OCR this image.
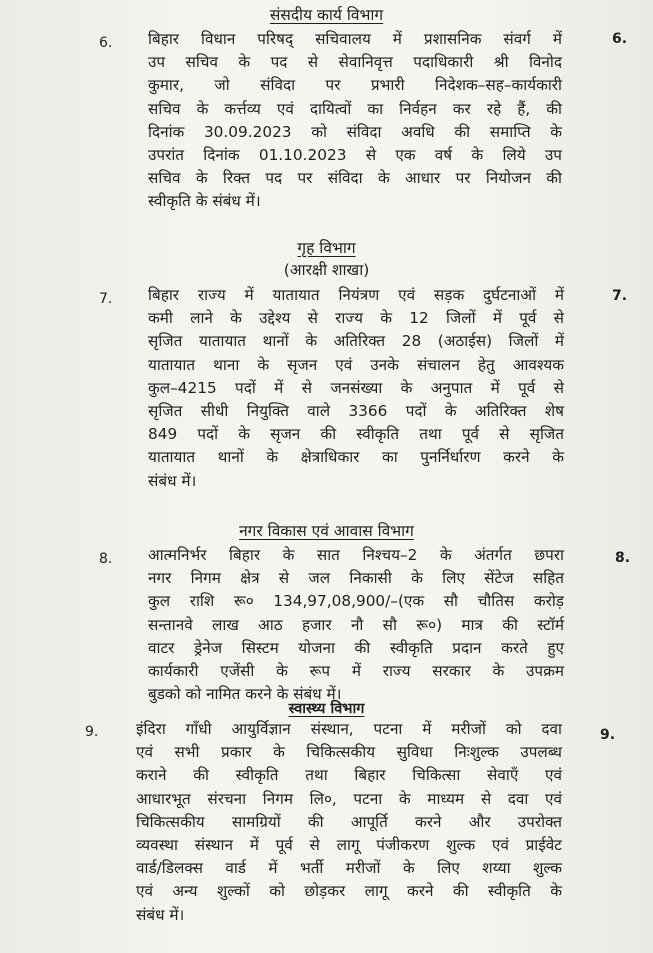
संसदीय कार्य विभाग
6.	6.
बिहार विधान परिषद् सचिवालय में प्रशासनिक संवर्ग में
उप सचिव के पद से सेवानिवृत्त पदाधिकारी श्री विनोद
कुमार, जो संविदा पर प्रभारी निदेशक–सह–कार्यकारी
सचिव के कर्त्तव्य एवं दायित्वों का निर्वहन कर रहे हैं, की
दिनांक 30.09.2023 को संविदा अवधि की समाप्ति के
उपरांत दिनांक 01.10.2023 से एक वर्ष के लिये उप
सचिव के रिक्त पद पर संविदा के आधार पर नियोजन की
स्वीकृति के संबंध में।
गृह विभाग
(आरक्षी शाखा)
7.	7.
बिहार राज्य में यातायात नियंत्रण एवं सड़क दुर्घटनाओं में
कमी लाने के उद्देश्य से राज्य के 12 जिलों में पूर्व से
सृजित यातायात थानों के अतिरिक्त 28 (अठाईस) जिलों में
यातायात थाना के सृजन एवं उनके संचालन हेतु आवश्यक
कुल–4215 पदों में से जनसंख्या के अनुपात में पूर्व से
सृजित सीधी नियुक्ति वाले 3366 पदों के अतिरिक्त शेष
849 पदों के सृजन की स्वीकृति तथा पूर्व से सृजित
यातायात थानों के क्षेत्राधिकार का पुनर्निर्धारण करने के
संबंध में।
नगर विकास एवं आवास विभाग
8.	8.
आत्मनिर्भर बिहार के सात निश्चय–2 के अंतर्गत छपरा
नगर निगम क्षेत्र से जल निकासी के लिए सेंटेज सहित
कुल राशि रू० 134,97,08,900/–(एक सौ चौतिस करोड़
सन्तानवे लाख आठ हजार नौ सौ रू०) मात्र की स्टॉर्म
वाटर ड्रेनेज सिस्टम योजना की स्वीकृति प्रदान करते हुए
कार्यकारी एजेंसी के रूप में राज्य सरकार के उपक्रम
बुडको को नामित करने के संबंध में।
स्वास्थ्य विभाग
9.	9.
इंदिरा गाँधी आयुर्विज्ञान संस्थान, पटना में मरीजों को दवा
एवं सभी प्रकार के चिकित्सकीय सुविधा निःशुल्क उपलब्ध
कराने की स्वीकृति तथा बिहार चिकित्सा सेवाएँ एवं
आधारभूत संरचना निगम लि०, पटना के माध्यम से दवा एवं
चिकित्सकीय सामग्रियों की आपूर्ति करने और उपरोक्त
व्यवस्था संस्थान में पूर्व से लागू पंजीकरण शुल्क एवं प्राईवेट
वार्ड/डिलक्स वार्ड में भर्ती मरीजों के लिए शय्या शुल्क
एवं अन्य शुल्कों को छोड़कर लागू करने की स्वीकृति के
संबंध में।
